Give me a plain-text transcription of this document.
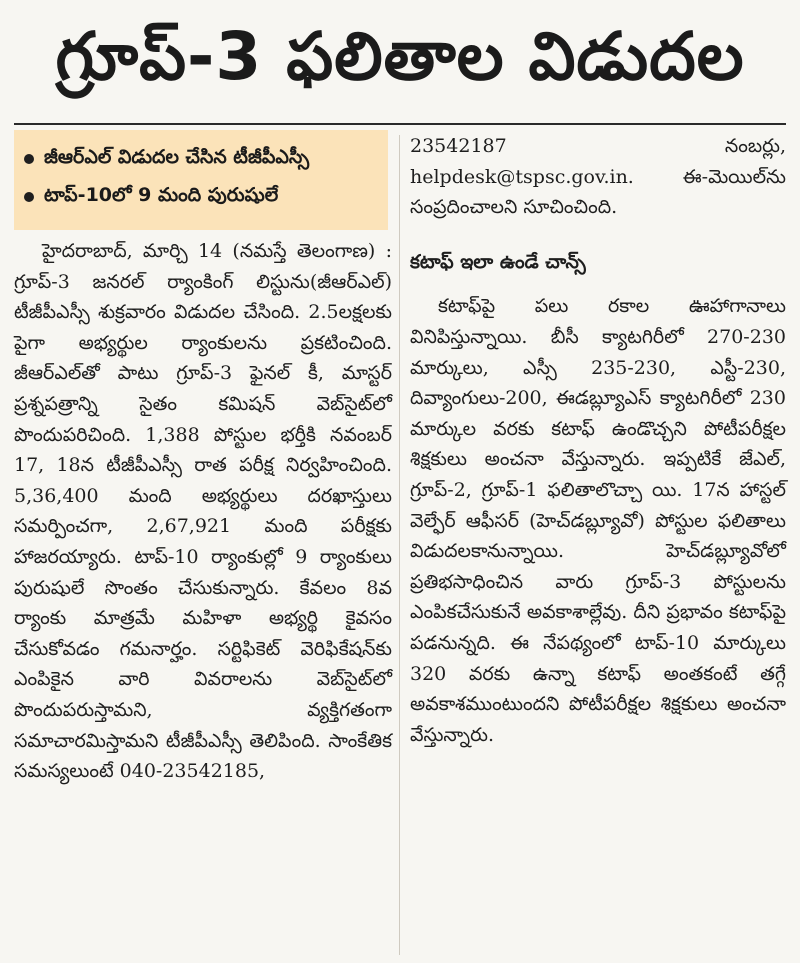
గ్రూప్-3 ఫలితాల విడుదల
జీఆర్ఎల్ విడుదల చేసిన టీజీపీఎస్సీ
టాప్-10లో 9 మంది పురుషులే

హైదరాబాద్, మార్చి 14 (నమస్తే తెలంగాణ) : గ్రూప్-3 జనరల్ ర్యాంకింగ్ లిస్టును(జీఆర్ఎల్) టీజీపీఎస్సీ శుక్రవారం విడుదల చేసింది. 2.5లక్షలకు పైగా అభ్యర్థుల ర్యాంకులను ప్రకటించింది. జీఆర్ఎల్‌తో పాటు గ్రూప్-3 ఫైనల్ కీ, మాస్టర్ ప్రశ్నపత్రాన్ని సైతం కమిషన్ వెబ్‌సైట్‌లో పొందుపరిచింది. 1,388 పోస్టుల భర్తీకి నవంబర్ 17, 18న టీజీపీఎస్సీ రాత పరీక్ష నిర్వహించింది. 5,36,400 మంది అభ్యర్థులు దరఖాస్తులు సమర్పించగా, 2,67,921 మంది పరీక్షకు హాజరయ్యారు. టాప్-10 ర్యాంకుల్లో 9 ర్యాంకులు పురుషులే సొంతం చేసుకున్నారు. కేవలం 8వ ర్యాంకు మాత్రమే మహిళా అభ్యర్థి కైవసం చేసుకోవడం గమనార్హం. సర్టిఫికెట్ వెరిఫికేషన్‌కు ఎంపికైన వారి వివరాలను వెబ్‌సైట్‌లో పొందుపరుస్తామని, వ్యక్తిగతంగా సమాచారమిస్తామని టీజీపీఎస్సీ తెలిపింది. సాంకేతిక సమస్యలుంటే 040-23542185,

23542187 నంబర్లు, helpdesk@tspsc.gov.in. ఈ-మెయిల్‌ను సంప్రదించాలని సూచించింది.

కటాఫ్ ఇలా ఉండే చాన్స్

కటాఫ్‌పై పలు రకాల ఊహాగానాలు వినిపిస్తున్నాయి. బీసీ క్యాటగిరీలో 270-230 మార్కులు, ఎస్సీ 235-230, ఎస్టీ-230, దివ్యాంగులు-200, ఈడబ్ల్యూఎస్ క్యాటగిరీలో 230 మార్కుల వరకు కటాఫ్ ఉండొచ్చని పోటీపరీక్షల శిక్షకులు అంచనా వేస్తున్నారు. ఇప్పటికే జేఎల్, గ్రూప్-2, గ్రూప్-1 ఫలితాలొచ్చా యి. 17న హాస్టల్ వెల్ఫేర్ ఆఫీసర్ (హెచ్‌డబ్ల్యూవో) పోస్టుల ఫలితాలు విడుదలకానున్నాయి. హెచ్‌డబ్ల్యూవోలో ప్రతిభసాధించిన వారు గ్రూప్-3 పోస్టులను ఎంపికచేసుకునే అవకాశాల్లేవు. దీని ప్రభావం కటాఫ్‌పై పడనున్నది. ఈ నేపథ్యంలో టాప్-10 మార్కులు 320 వరకు ఉన్నా కటాఫ్ అంతకంటే తగ్గే అవకాశముంటుందని పోటీపరీక్షల శిక్షకులు అంచనా వేస్తున్నారు.
